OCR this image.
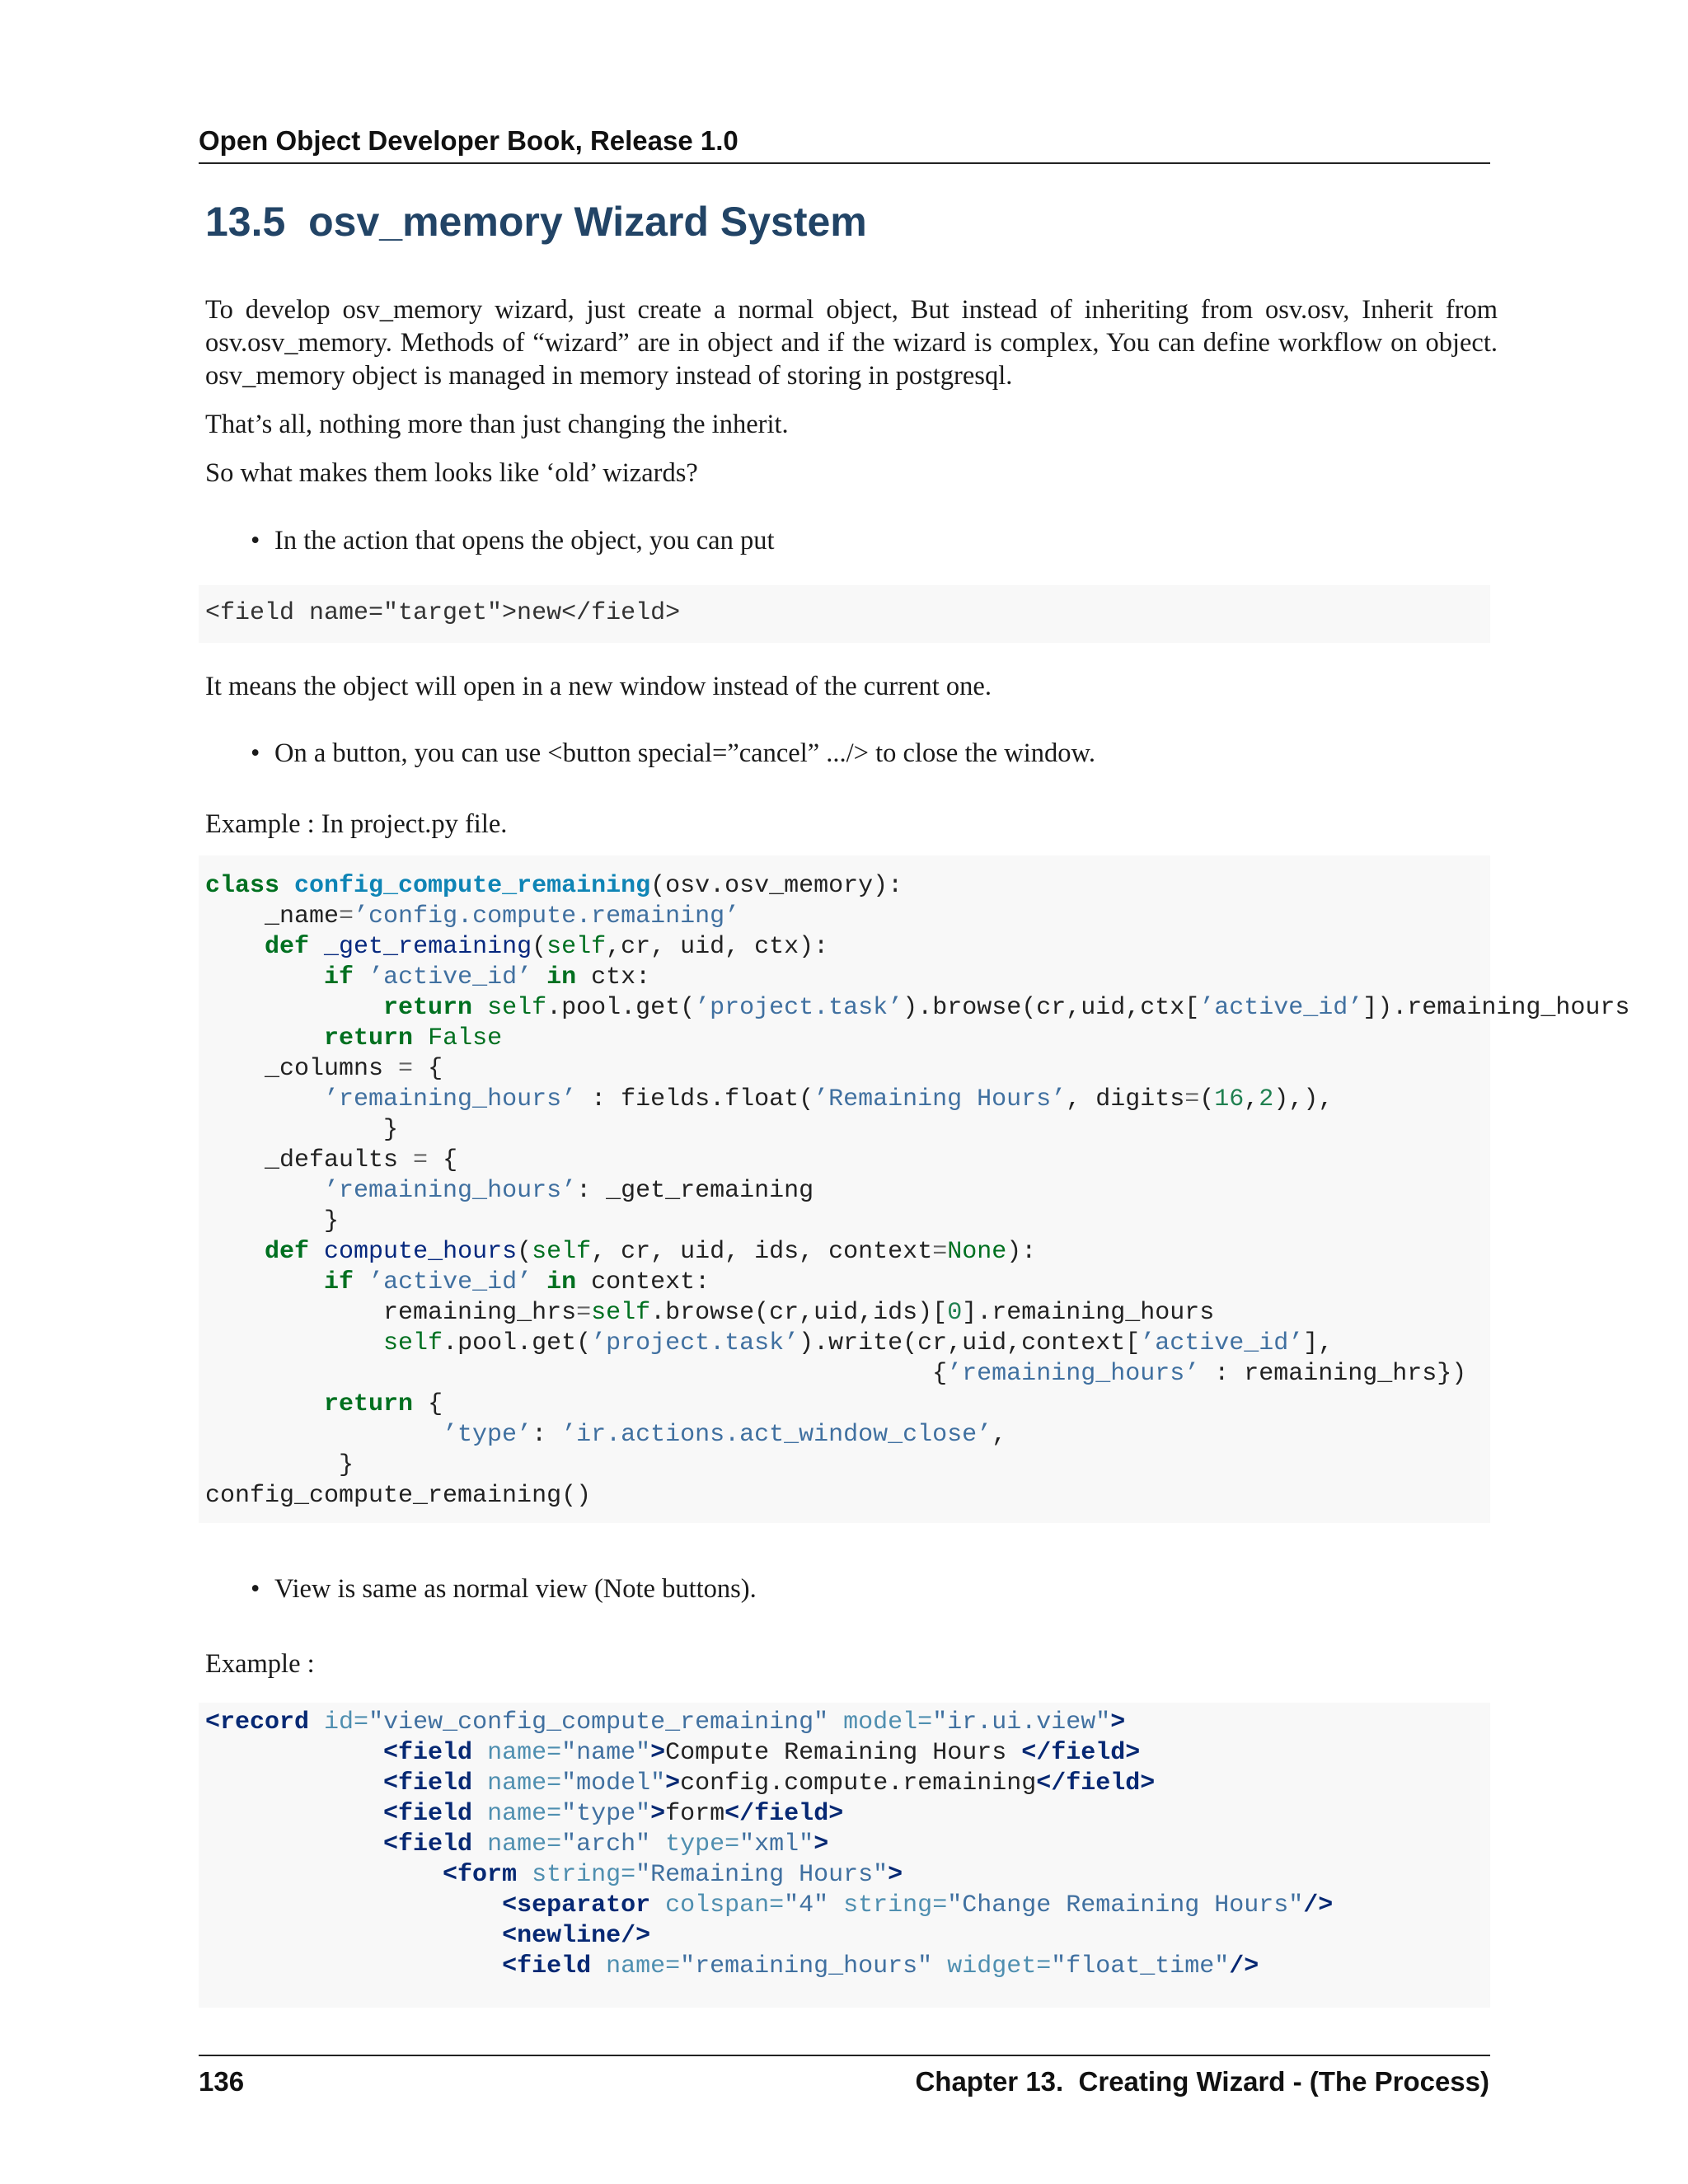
Open Object Developer Book, Release 1.0
13.5 osv_memory Wizard System
To develop osv_memory wizard, just create a normal object, But instead of inheriting from osv.osv, Inherit from
osv.osv_memory. Methods of “wizard” are in object and if the wizard is complex, You can define workflow on object.
osv_memory object is managed in memory instead of storing in postgresql.
That’s all, nothing more than just changing the inherit.
So what makes them looks like ‘old’ wizards?
• In the action that opens the object, you can put
<field name="target">new</field>
It means the object will open in a new window instead of the current one.
• On a button, you can use <button special=”cancel” .../> to close the window.
Example : In project.py file.
class config_compute_remaining(osv.osv_memory):
_name=’config.compute.remaining’
def _get_remaining(self,cr, uid, ctx):
if ’active_id’ in ctx:
return self.pool.get(’project.task’).browse(cr,uid,ctx[’active_id’]).remaining_hours
return False
_columns = {
’remaining_hours’ : fields.float(’Remaining Hours’, digits=(16,2),),
}
_defaults = {
’remaining_hours’: _get_remaining
}
def compute_hours(self, cr, uid, ids, context=None):
if ’active_id’ in context:
remaining_hrs=self.browse(cr,uid,ids)[0].remaining_hours
self.pool.get(’project.task’).write(cr,uid,context[’active_id’],
{’remaining_hours’ : remaining_hrs})
return {
’type’: ’ir.actions.act_window_close’,
}
config_compute_remaining()
• View is same as normal view (Note buttons).
Example :
<record id="view_config_compute_remaining" model="ir.ui.view">
<field name="name">Compute Remaining Hours </field>
<field name="model">config.compute.remaining</field>
<field name="type">form</field>
<field name="arch" type="xml">
<form string="Remaining Hours">
<separator colspan="4" string="Change Remaining Hours"/>
<newline/>
<field name="remaining_hours" widget="float_time"/>
136	Chapter 13.  Creating Wizard - (The Process)
